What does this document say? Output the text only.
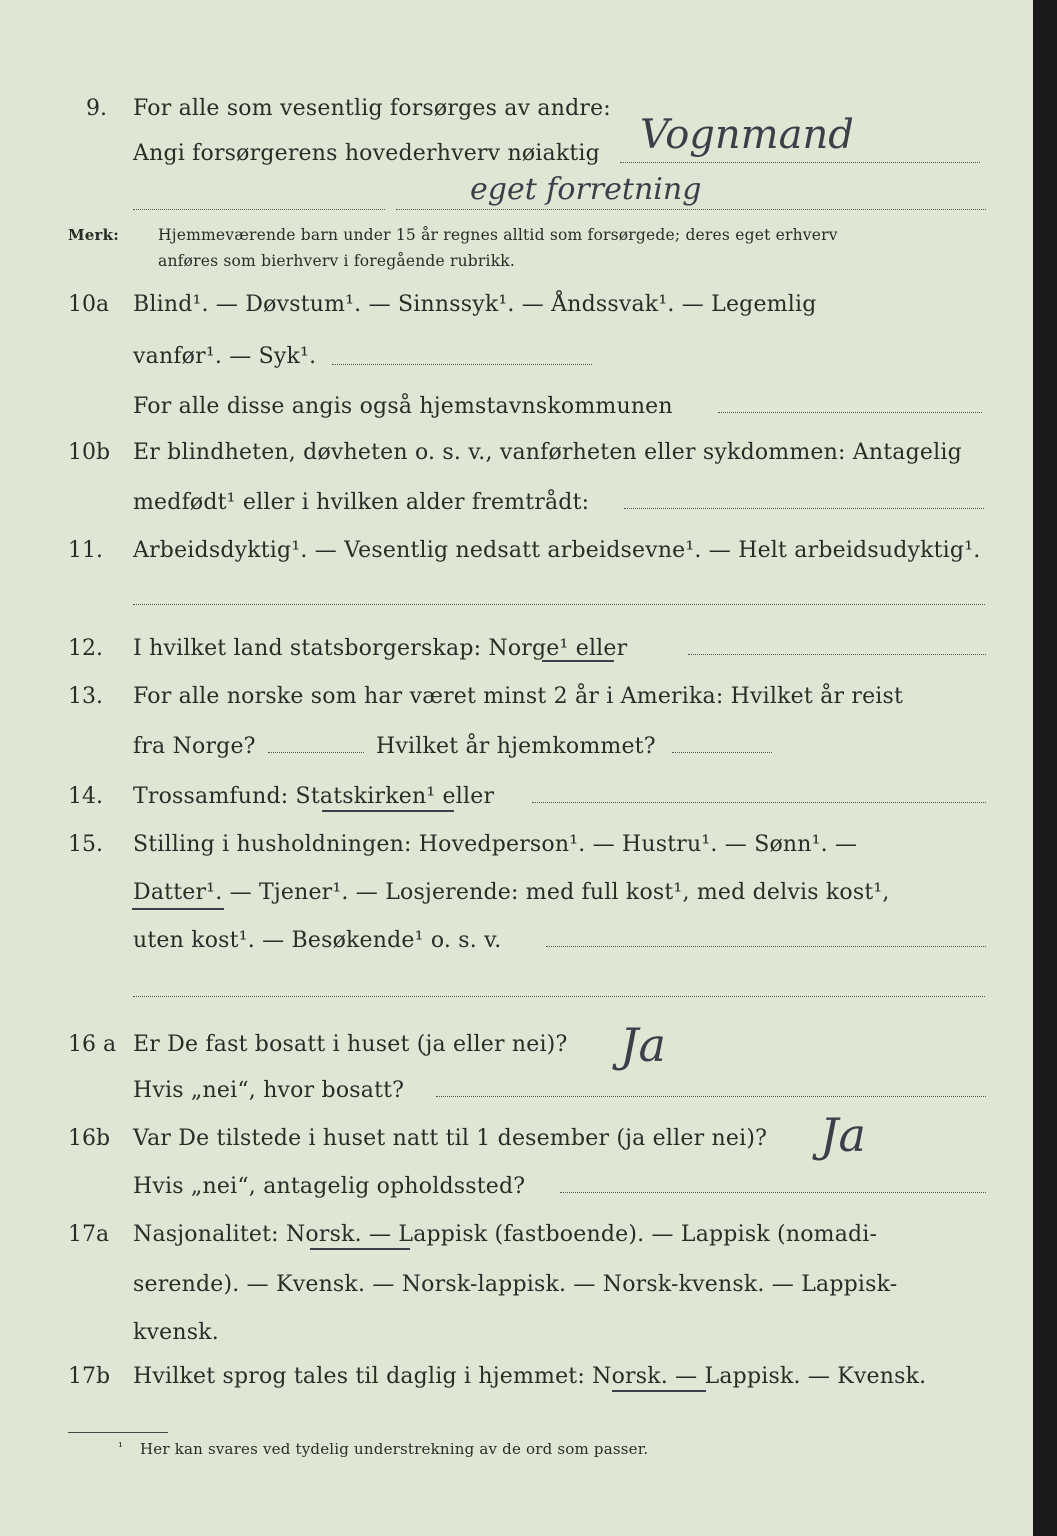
9. For alle som vesentlig forsørges av andre:
Angi forsørgerens hovederhverv nøiaktig Vognmand
eget forretning
Merk:	Hjemmeværende barn under 15 år regnes alltid som forsørgede; deres eget erhverv
anføres som bierhverv i foregående rubrikk.
10a Blind¹. — Døvstum¹. — Sinnssyk¹. — Åndssvak¹. — Legemlig
vanfør¹. — Syk¹.
For alle disse angis også hjemstavnskommunen
10b Er blindheten, døvheten o. s. v., vanførheten eller sykdommen: Antagelig
medfødt¹ eller i hvilken alder fremtrådt:
11. Arbeidsdyktig¹. — Vesentlig nedsatt arbeidsevne¹. — Helt arbeidsudyktig¹.
12. I hvilket land statsborgerskap: Norge¹ eller
13. For alle norske som har været minst 2 år i Amerika: Hvilket år reist
fra Norge?	Hvilket år hjemkommet?
14. Trossamfund: Statskirken¹ eller
15. Stilling i husholdningen: Hovedperson¹. — Hustru¹. — Sønn¹. —
Datter¹. — Tjener¹. — Losjerende: med full kost¹, med delvis kost¹,
uten kost¹. — Besøkende¹ o. s. v.
16 a Er De fast bosatt i huset (ja eller nei)? Ja
Hvis „nei“, hvor bosatt?
16b Var De tilstede i huset natt til 1 desember (ja eller nei)? Ja
Hvis „nei“, antagelig opholdssted?
17a Nasjonalitet: Norsk. — Lappisk (fastboende). — Lappisk (nomadi-
serende). — Kvensk. — Norsk-lappisk. — Norsk-kvensk. — Lappisk-
kvensk.
17b Hvilket sprog tales til daglig i hjemmet: Norsk. — Lappisk. — Kvensk.
¹ Her kan svares ved tydelig understrekning av de ord som passer.
